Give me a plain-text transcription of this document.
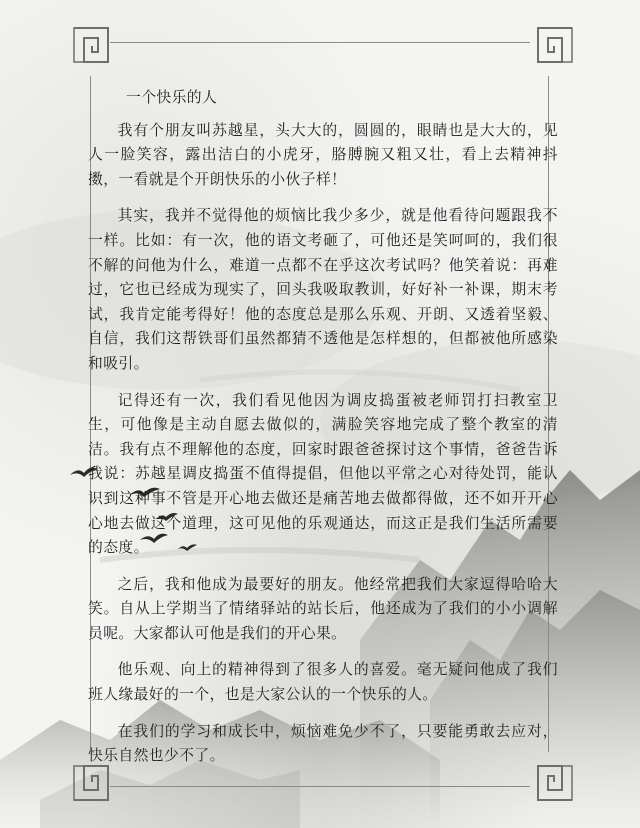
一个快乐的人

我有个朋友叫苏越星，头大大的，圆圆的，眼睛也是大大的，见人一脸笑容，露出洁白的小虎牙，胳膊腕又粗又壮，看上去精神抖擞，一看就是个开朗快乐的小伙子样！

其实，我并不觉得他的烦恼比我少多少，就是他看待问题跟我不一样。比如：有一次，他的语文考砸了，可他还是笑呵呵的，我们很不解的问他为什么，难道一点都不在乎这次考试吗？他笑着说：再难过，它也已经成为现实了，回头我吸取教训，好好补一补课，期末考试，我肯定能考得好！他的态度总是那么乐观、开朗、又透着坚毅、自信，我们这帮铁哥们虽然都猜不透他是怎样想的，但都被他所感染和吸引。

记得还有一次，我们看见他因为调皮捣蛋被老师罚打扫教室卫生，可他像是主动自愿去做似的，满脸笑容地完成了整个教室的清洁。我有点不理解他的态度，回家时跟爸爸探讨这个事情，爸爸告诉我说：苏越星调皮捣蛋不值得提倡，但他以平常之心对待处罚，能认识到这种事不管是开心地去做还是痛苦地去做都得做，还不如开开心心地去做这个道理，这可见他的乐观通达，而这正是我们生活所需要的态度。

之后，我和他成为最要好的朋友。他经常把我们大家逗得哈哈大笑。自从上学期当了情绪驿站的站长后，他还成为了我们的小小调解员呢。大家都认可他是我们的开心果。

他乐观、向上的精神得到了很多人的喜爱。毫无疑问他成了我们班人缘最好的一个，也是大家公认的一个快乐的人。

在我们的学习和成长中，烦恼难免少不了，只要能勇敢去应对，快乐自然也少不了。
